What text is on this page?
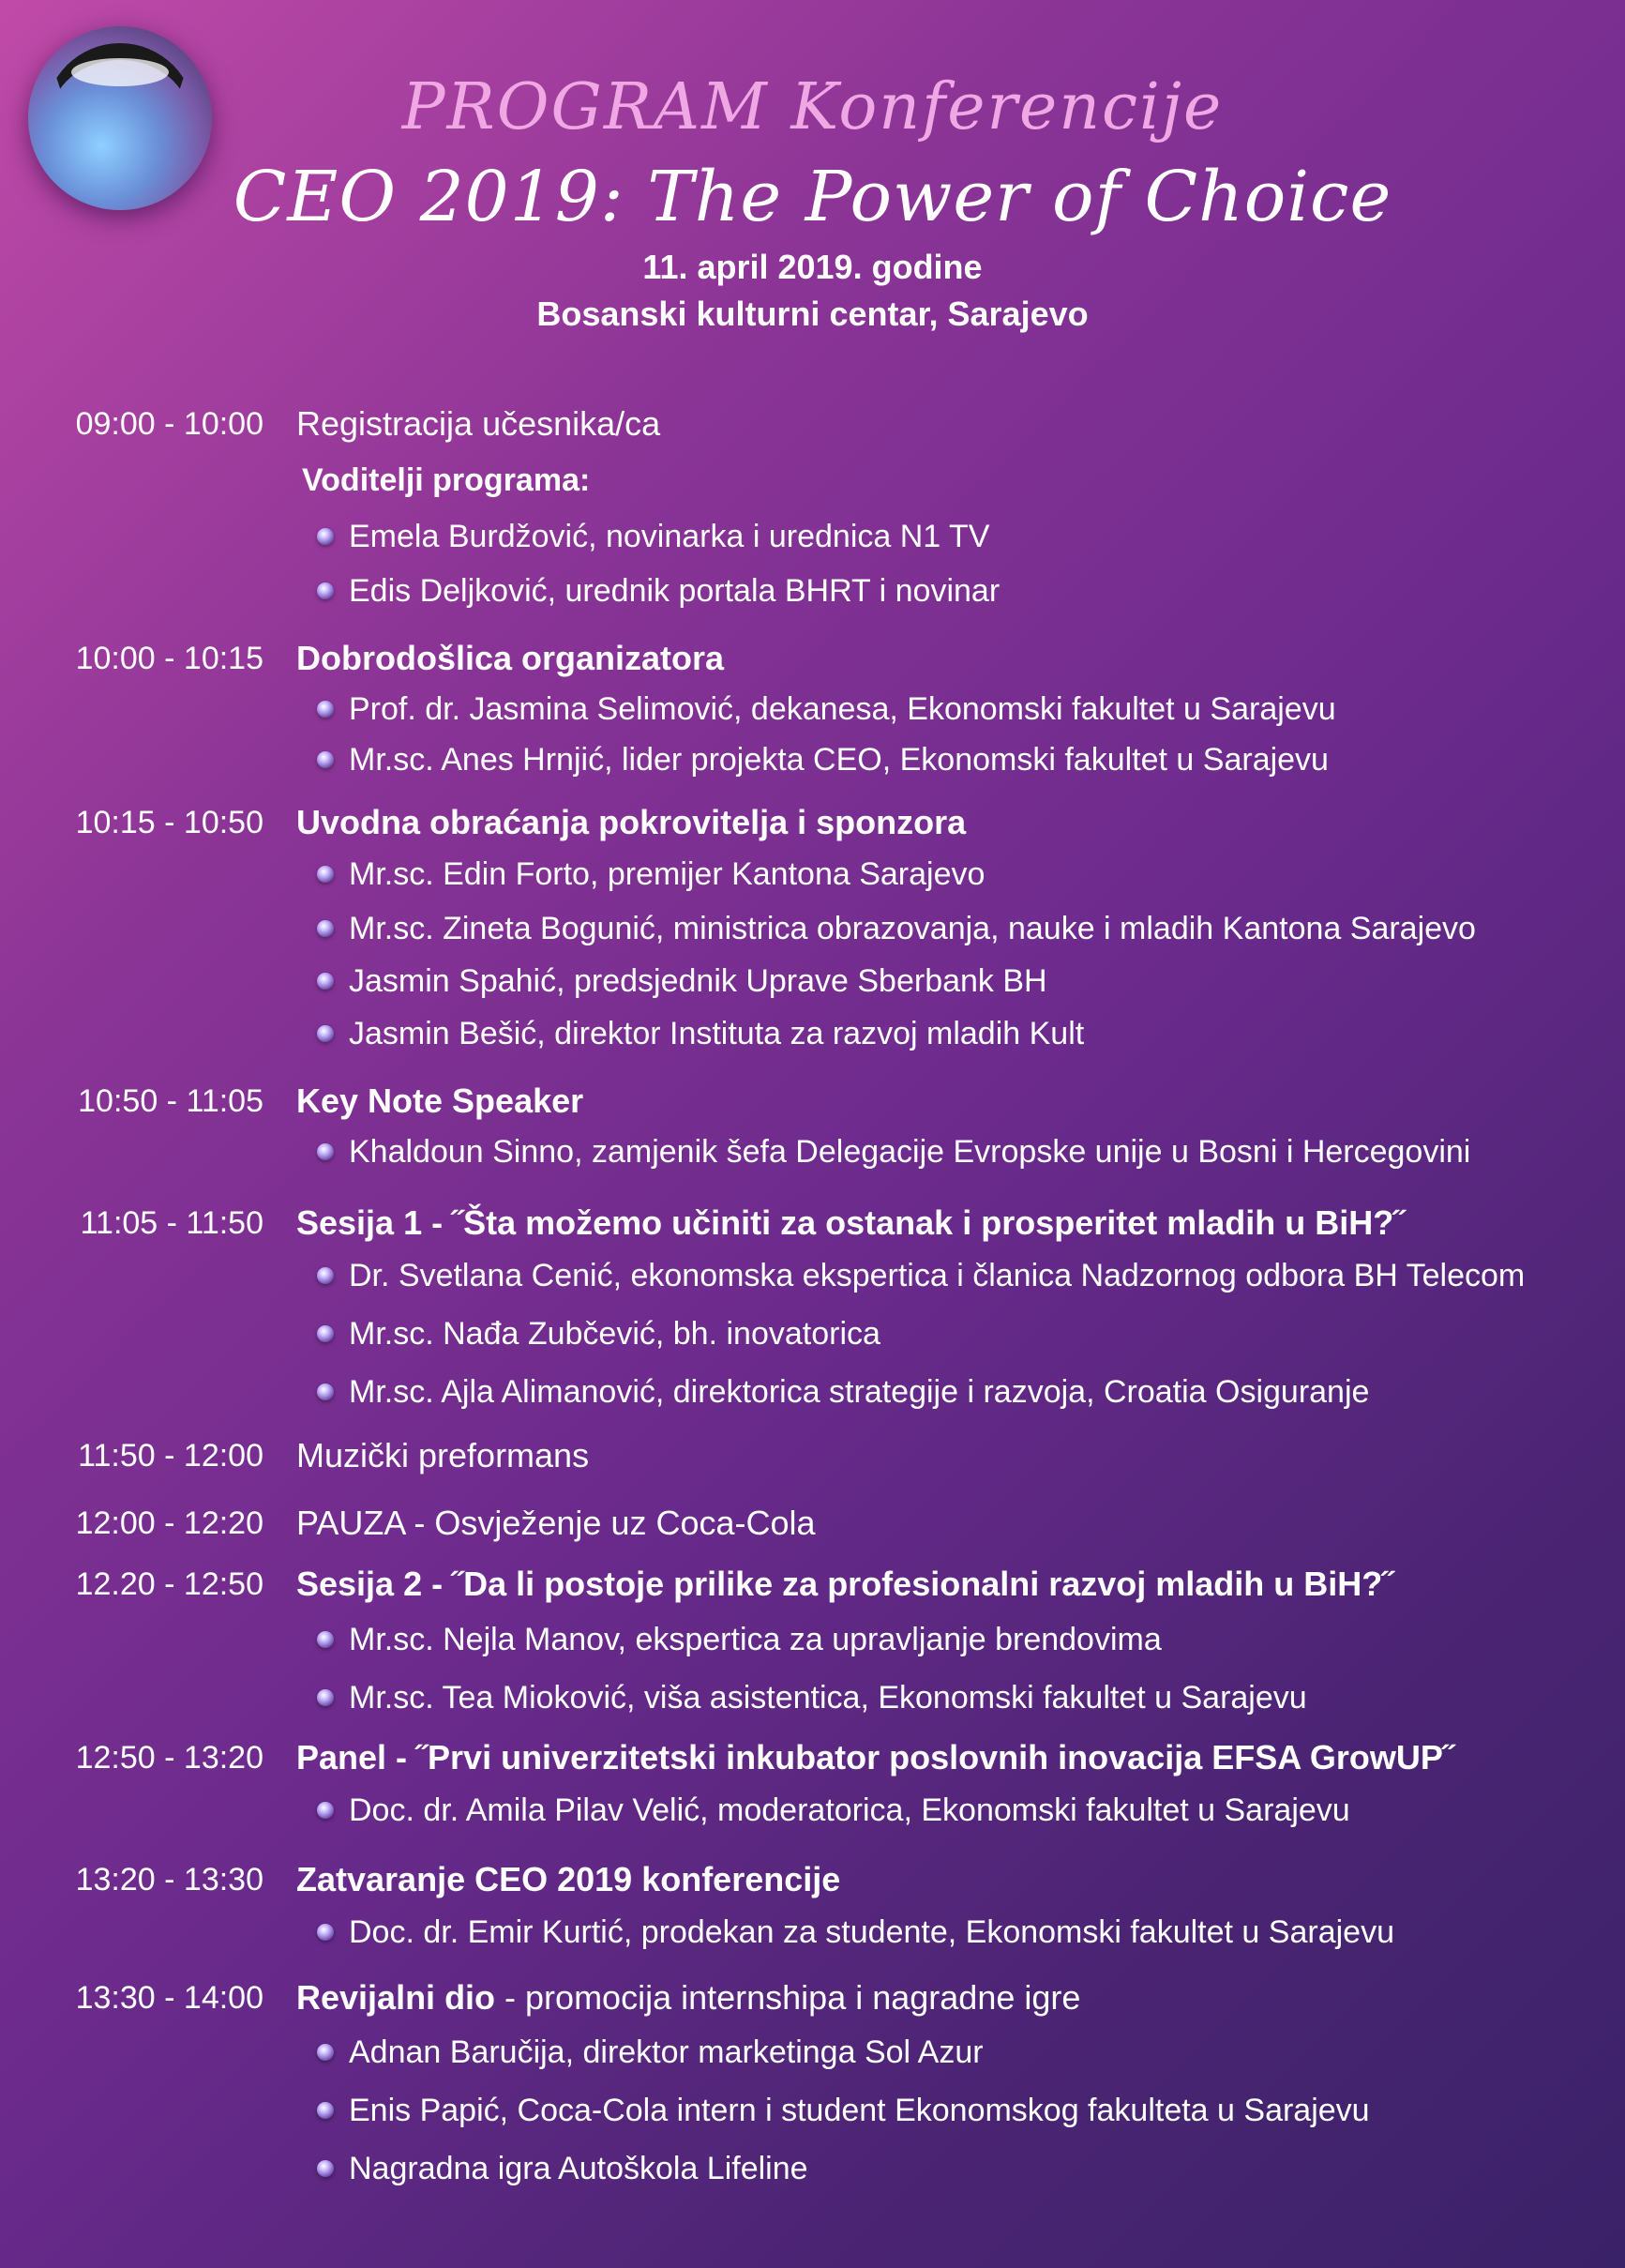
PROGRAM Konferencije
CEO 2019: The Power of Choice
11. april 2019. godine
Bosanski kulturni centar, Sarajevo
09:00 - 10:00 Registracija učesnika/ca
Voditelji programa:
Emela Burdžović, novinarka i urednica N1 TV
Edis Deljković, urednik portala BHRT i novinar
10:00 - 10:15 Dobrodošlica organizatora
Prof. dr. Jasmina Selimović, dekanesa, Ekonomski fakultet u Sarajevu
Mr.sc. Anes Hrnjić, lider projekta CEO, Ekonomski fakultet u Sarajevu
10:15 - 10:50 Uvodna obraćanja pokrovitelja i sponzora
Mr.sc. Edin Forto, premijer Kantona Sarajevo
Mr.sc. Zineta Bogunić, ministrica obrazovanja, nauke i mladih Kantona Sarajevo
Jasmin Spahić, predsjednik Uprave Sberbank BH
Jasmin Bešić, direktor Instituta za razvoj mladih Kult
10:50 - 11:05 Key Note Speaker
Khaldoun Sinno, zamjenik šefa Delegacije Evropske unije u Bosni i Hercegovini
11:05 - 11:50 Sesija 1 - ˝Šta možemo učiniti za ostanak i prosperitet mladih u BiH?˝
Dr. Svetlana Cenić, ekonomska ekspertica i članica Nadzornog odbora BH Telecom
Mr.sc. Nađa Zubčević, bh. inovatorica
Mr.sc. Ajla Alimanović, direktorica strategije i razvoja, Croatia Osiguranje
11:50 - 12:00 Muzički preformans
12:00 - 12:20 PAUZA - Osvježenje uz Coca-Cola
12.20 - 12:50 Sesija 2 - ˝Da li postoje prilike za profesionalni razvoj mladih u BiH?˝
Mr.sc. Nejla Manov, ekspertica za upravljanje brendovima
Mr.sc. Tea Mioković, viša asistentica, Ekonomski fakultet u Sarajevu
12:50 - 13:20 Panel - ˝Prvi univerzitetski inkubator poslovnih inovacija EFSA GrowUP˝
Doc. dr. Amila Pilav Velić, moderatorica, Ekonomski fakultet u Sarajevu
13:20 - 13:30 Zatvaranje CEO 2019 konferencije
Doc. dr. Emir Kurtić, prodekan za studente, Ekonomski fakultet u Sarajevu
13:30 - 14:00 Revijalni dio - promocija internshipa i nagradne igre
Adnan Baručija, direktor marketinga Sol Azur
Enis Papić, Coca-Cola intern i student Ekonomskog fakulteta u Sarajevu
Nagradna igra Autoškola Lifeline
